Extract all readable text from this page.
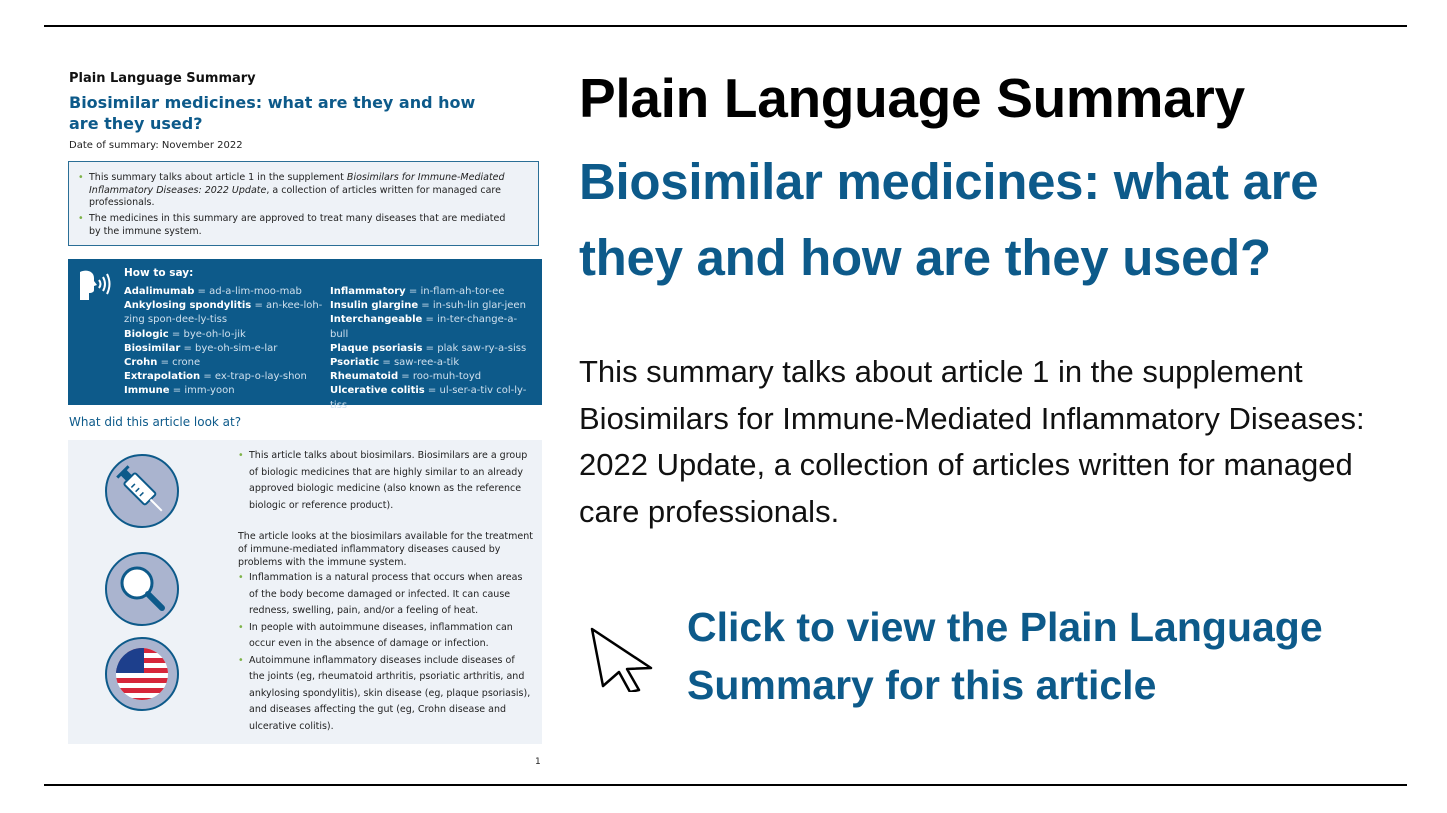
Plain Language Summary
Biosimilar medicines: what are they and how are they used?
Date of summary: November 2022
• This summary talks about article 1 in the supplement Biosimilars for Immune-Mediated Inflammatory Diseases: 2022 Update, a collection of articles written for managed care professionals.
• The medicines in this summary are approved to treat many diseases that are mediated by the immune system.
How to say:
Adalimumab = ad-a-lim-moo-mab
Ankylosing spondylitis = an-kee-loh-zing spon-dee-ly-tiss
Biologic = bye-oh-lo-jik
Biosimilar = bye-oh-sim-e-lar
Crohn = crone
Extrapolation = ex-trap-o-lay-shon
Immune = imm-yoon
Inflammatory = in-flam-ah-tor-ee
Insulin glargine = in-suh-lin glar-jeen
Interchangeable = in-ter-change-a-bull
Plaque psoriasis = plak saw-ry-a-siss
Psoriatic = saw-ree-a-tik
Rheumatoid = roo-muh-toyd
Ulcerative colitis = ul-ser-a-tiv col-ly-tiss
What did this article look at?
• This article talks about biosimilars. Biosimilars are a group of biologic medicines that are highly similar to an already approved biologic medicine (also known as the reference biologic or reference product).
The article looks at the biosimilars available for the treatment of immune-mediated inflammatory diseases caused by problems with the immune system.
• Inflammation is a natural process that occurs when areas of the body become damaged or infected. It can cause redness, swelling, pain, and/or a feeling of heat.
• In people with autoimmune diseases, inflammation can occur even in the absence of damage or infection.
• Autoimmune inflammatory diseases include diseases of the joints (eg, rheumatoid arthritis, psoriatic arthritis, and ankylosing spondylitis), skin disease (eg, plaque psoriasis), and diseases affecting the gut (eg, Crohn disease and ulcerative colitis).
1
Plain Language Summary
Biosimilar medicines: what are they and how are they used?
This summary talks about article 1 in the supplement Biosimilars for Immune-Mediated Inflammatory Diseases: 2022 Update, a collection of articles written for managed care professionals.
Click to view the Plain Language Summary for this article
